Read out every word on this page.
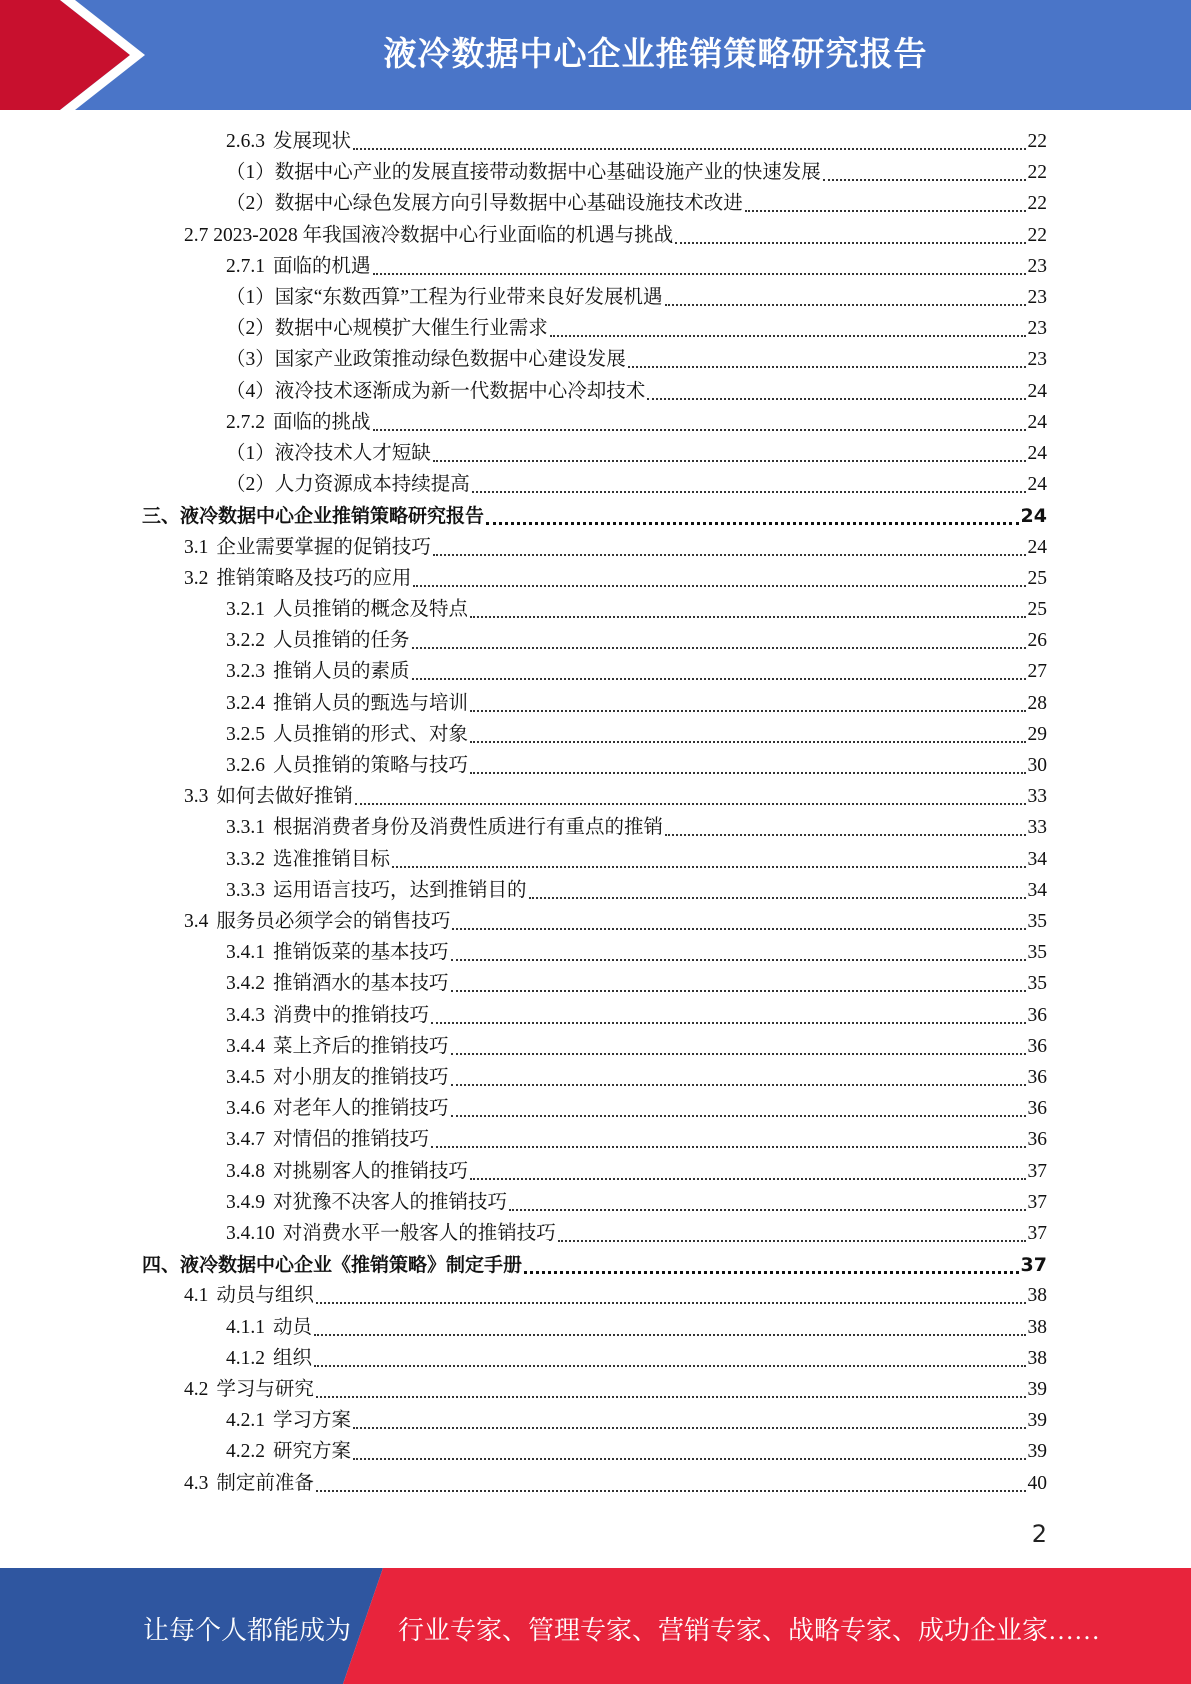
液冷数据中心企业推销策略研究报告
2.6.3 发展现状	22
（1）数据中心产业的发展直接带动数据中心基础设施产业的快速发展	22
（2）数据中心绿色发展方向引导数据中心基础设施技术改进	22
2.7 2023-2028 年我国液冷数据中心行业面临的机遇与挑战	22
2.7.1 面临的机遇	23
（1）国家“东数西算”工程为行业带来良好发展机遇	23
（2）数据中心规模扩大催生行业需求	23
（3）国家产业政策推动绿色数据中心建设发展	23
（4）液冷技术逐渐成为新一代数据中心冷却技术	24
2.7.2 面临的挑战	24
（1）液冷技术人才短缺	24
（2）人力资源成本持续提高	24
三、液冷数据中心企业推销策略研究报告	24
3.1 企业需要掌握的促销技巧	24
3.2 推销策略及技巧的应用	25
3.2.1 人员推销的概念及特点	25
3.2.2 人员推销的任务	26
3.2.3 推销人员的素质	27
3.2.4 推销人员的甄选与培训	28
3.2.5 人员推销的形式、对象	29
3.2.6 人员推销的策略与技巧	30
3.3 如何去做好推销	33
3.3.1 根据消费者身份及消费性质进行有重点的推销	33
3.3.2 选准推销目标	34
3.3.3 运用语言技巧，达到推销目的	34
3.4 服务员必须学会的销售技巧	35
3.4.1 推销饭菜的基本技巧	35
3.4.2 推销酒水的基本技巧	35
3.4.3 消费中的推销技巧	36
3.4.4 菜上齐后的推销技巧	36
3.4.5 对小朋友的推销技巧	36
3.4.6 对老年人的推销技巧	36
3.4.7 对情侣的推销技巧	36
3.4.8 对挑剔客人的推销技巧	37
3.4.9 对犹豫不决客人的推销技巧	37
3.4.10 对消费水平一般客人的推销技巧	37
四、液冷数据中心企业《推销策略》制定手册	37
4.1 动员与组织	38
4.1.1 动员	38
4.1.2 组织	38
4.2 学习与研究	39
4.2.1 学习方案	39
4.2.2 研究方案	39
4.3 制定前准备	40
2
让每个人都能成为 行业专家、管理专家、营销专家、战略专家、成功企业家……
